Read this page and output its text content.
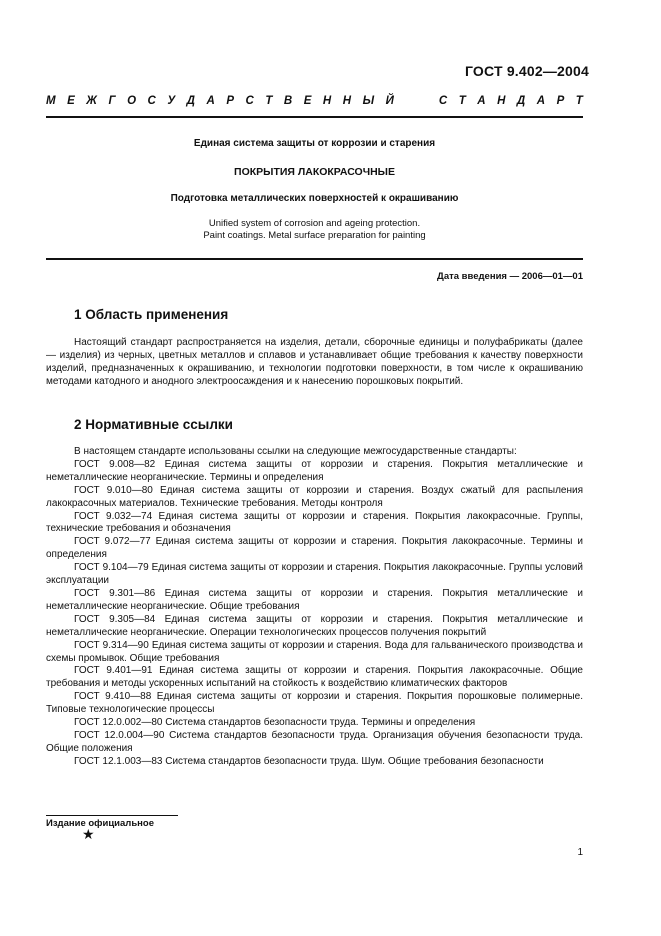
ГОСТ 9.402—2004
М Е Ж Г О С У Д А Р С Т В Е Н Н Ы Й	С Т А Н Д А Р Т
Единая система защиты от коррозии и старения
ПОКРЫТИЯ ЛАКОКРАСОЧНЫЕ
Подготовка металлических поверхностей к окрашиванию
Unified system of corrosion and ageing protection.
Paint coatings. Metal surface preparation for painting
Дата введения — 2006—01—01
1 Область применения
Настоящий стандарт распространяется на изделия, детали, сборочные единицы и полуфабрикаты (далее — изделия) из черных, цветных металлов и сплавов и устанавливает общие требования к качеству поверхности изделий, предназначенных к окрашиванию, и технологии подготовки поверхности, в том числе к окрашиванию методами катодного и анодного электроосаждения и к нанесению порошковых покрытий.
2 Нормативные ссылки

В настоящем стандарте использованы ссылки на следующие межгосударственные стандарты:

ГОСТ 9.008—82 Единая система защиты от коррозии и старения. Покрытия металлические и неметаллические неорганические. Термины и определения

ГОСТ 9.010—80 Единая система защиты от коррозии и старения. Воздух сжатый для распыления лакокрасочных материалов. Технические требования. Методы контроля

ГОСТ 9.032—74 Единая система защиты от коррозии и старения. Покрытия лакокрасочные. Группы, технические требования и обозначения

ГОСТ 9.072—77 Единая система защиты от коррозии и старения. Покрытия лакокрасочные. Термины и определения

ГОСТ 9.104—79 Единая система защиты от коррозии и старения. Покрытия лакокрасочные. Группы условий эксплуатации

ГОСТ 9.301—86 Единая система защиты от коррозии и старения. Покрытия металлические и неметаллические неорганические. Общие требования

ГОСТ 9.305—84 Единая система защиты от коррозии и старения. Покрытия металлические и неметаллические неорганические. Операции технологических процессов получения покрытий

ГОСТ 9.314—90 Единая система защиты от коррозии и старения. Вода для гальванического производства и схемы промывок. Общие требования

ГОСТ 9.401—91 Единая система защиты от коррозии и старения. Покрытия лакокрасочные. Общие требования и методы ускоренных испытаний на стойкость к воздействию климатических факторов

ГОСТ 9.410—88 Единая система защиты от коррозии и старения. Покрытия порошковые полимерные. Типовые технологические процессы

ГОСТ 12.0.002—80 Система стандартов безопасности труда. Термины и определения

ГОСТ 12.0.004—90 Система стандартов безопасности труда. Организация обучения безопасности труда. Общие положения

ГОСТ 12.1.003—83 Система стандартов безопасности труда. Шум. Общие требования безопасности

Издание официальное
★
1
